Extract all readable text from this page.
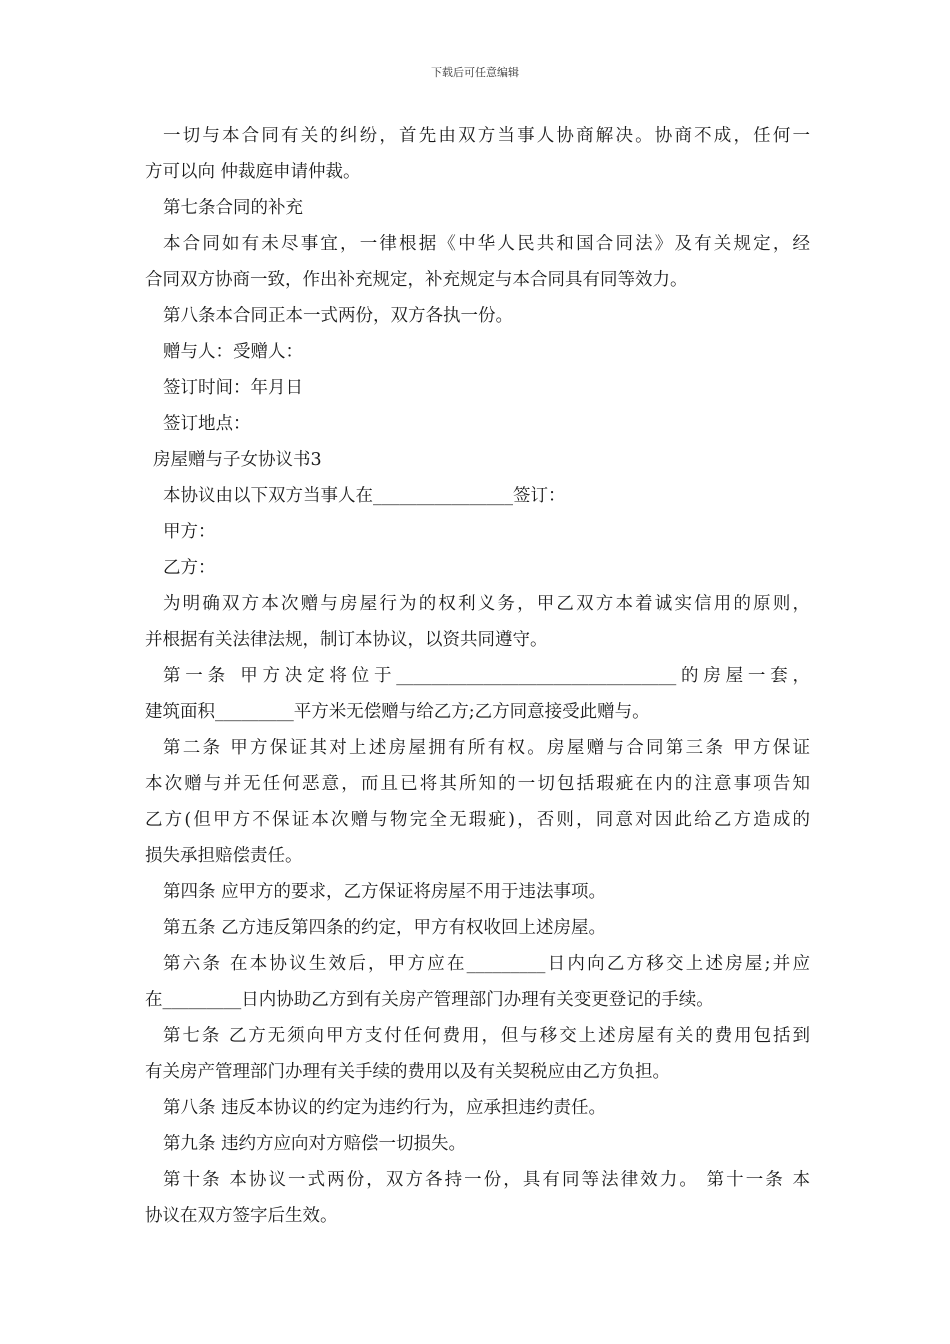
下载后可任意编辑
一切与本合同有关的纠纷，首先由双方当事人协商解决。协商不成，任何一
方可以向 仲裁庭申请仲裁。
第七条合同的补充
本合同如有未尽事宜，一律根据《中华人民共和国合同法》及有关规定，经
合同双方协商一致，作出补充规定，补充规定与本合同具有同等效力。
第八条本合同正本一式两份，双方各执一份。
赠与人：受赠人：
签订时间：年月日
签订地点：
房屋赠与子女协议书3
本协议由以下双方当事人在________________签订：
甲方：
乙方：
为明确双方本次赠与房屋行为的权利义务，甲乙双方本着诚实信用的原则，
并根据有关法律法规，制订本协议，以资共同遵守。
第一条 甲方决定将位于________________________________的房屋一套，
建筑面积_________平方米无偿赠与给乙方;乙方同意接受此赠与。
第二条 甲方保证其对上述房屋拥有所有权。房屋赠与合同第三条 甲方保证
本次赠与并无任何恶意，而且已将其所知的一切包括瑕疵在内的注意事项告知
乙方(但甲方不保证本次赠与物完全无瑕疵)，否则，同意对因此给乙方造成的
损失承担赔偿责任。
第四条 应甲方的要求，乙方保证将房屋不用于违法事项。
第五条 乙方违反第四条的约定，甲方有权收回上述房屋。
第六条 在本协议生效后，甲方应在_________日内向乙方移交上述房屋;并应
在_________日内协助乙方到有关房产管理部门办理有关变更登记的手续。
第七条 乙方无须向甲方支付任何费用，但与移交上述房屋有关的费用包括到
有关房产管理部门办理有关手续的费用以及有关契税应由乙方负担。
第八条 违反本协议的约定为违约行为，应承担违约责任。
第九条 违约方应向对方赔偿一切损失。
第十条 本协议一式两份，双方各持一份，具有同等法律效力。 第十一条 本
协议在双方签字后生效。
